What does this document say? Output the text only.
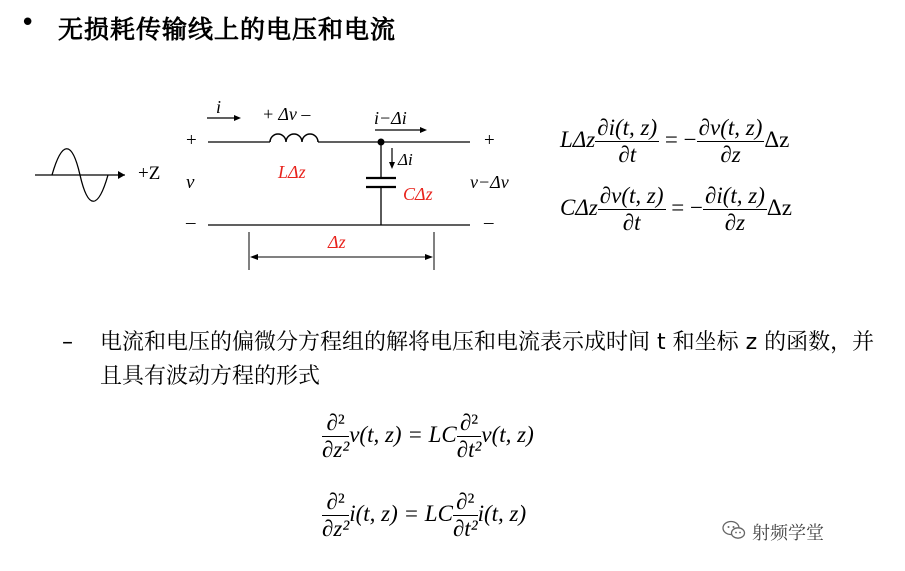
• 无损耗传输线上的电压和电流
+Z
i
i−Δi
Δi
+
v
–
+ Δv –
LΔz
CΔz
+
v−Δv
–
Δz
LΔz $\frac{\partial i(t, z)}{\partial t}$ = − $\frac{\partial v(t, z)}{\partial z}$ Δz
CΔz $\frac{\partial v(t, z)}{\partial t}$ = − $\frac{\partial i(t, z)}{\partial z}$ Δz
– 电流和电压的偏微分方程组的解将电压和电流表示成时间 t 和坐标 z 的函数，并且具有波动方程的形式
$\frac{\text{∂²}}{\text{∂z²}} v(t$, z) = LC $\frac{\text{∂²}}{\text{∂t²}} v(t$, z)
$\frac{\text{∂²}}{\text{∂z²}} i(t$, z) = LC $\frac{\text{∂²}}{\text{∂t²}} i(t$, z)
射频学堂
